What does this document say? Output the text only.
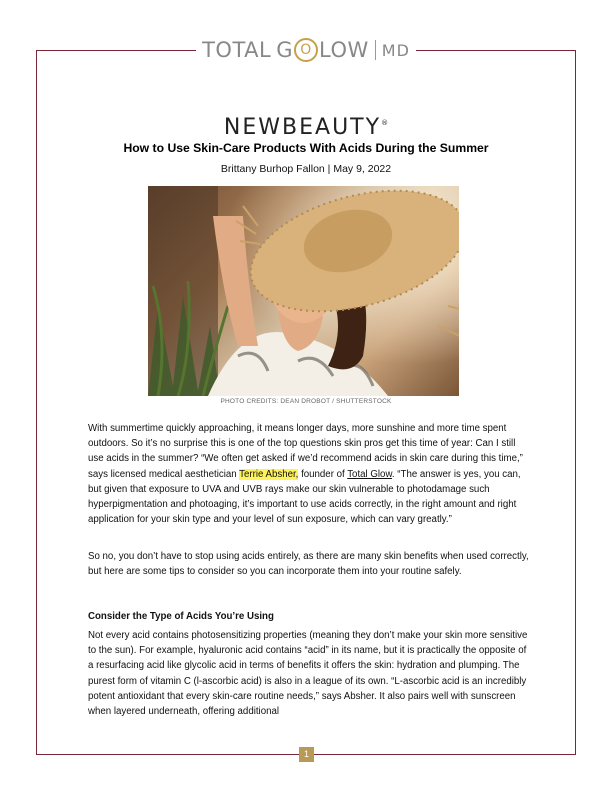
TOTAL G O LOW MD
NEWBEAUTY®
How to Use Skin-Care Products With Acids During the Summer
Brittany Burhop Fallon | May 9, 2022
PHOTO CREDITS: DEAN DROBOT / SHUTTERSTOCK

With summertime quickly approaching, it means longer days, more sunshine and more time spent outdoors. So it’s no surprise this is one of the top questions skin pros get this time of year: Can I still use acids in the summer? “We often get asked if we’d recommend acids in skin care during this time,” says licensed medical aesthetician Terrie Absher, founder of Total Glow. “The answer is yes, you can, but given that exposure to UVA and UVB rays make our skin vulnerable to photodamage such hyperpigmentation and photoaging, it’s important to use acids correctly, in the right amount and right application for your skin type and your level of sun exposure, which can vary greatly.”

So no, you don’t have to stop using acids entirely, as there are many skin benefits when used correctly, but here are some tips to consider so you can incorporate them into your routine safely.

Consider the Type of Acids You’re Using

Not every acid contains photosensitizing properties (meaning they don’t make your skin more sensitive to the sun). For example, hyaluronic acid contains “acid” in its name, but it is practically the opposite of a resurfacing acid like glycolic acid in terms of benefits it offers the skin: hydration and plumping. The purest form of vitamin C (l-ascorbic acid) is also in a league of its own. “L-ascorbic acid is an incredibly potent antioxidant that every skin-care routine needs,” says Absher. It also pairs well with sunscreen when layered underneath, offering additional

1
